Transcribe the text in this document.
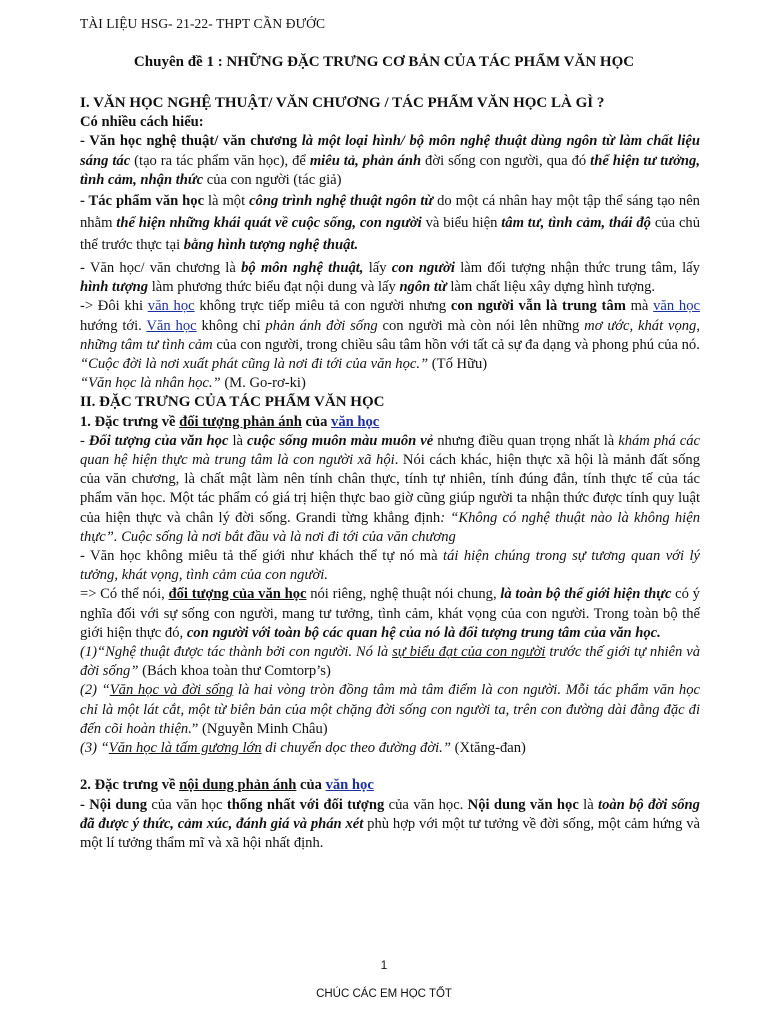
TÀI LIỆU HSG- 21-22- THPT CẦN ĐƯỚC
Chuyên đề 1 : NHỮNG ĐẶC TRƯNG CƠ BẢN CỦA TÁC PHẨM VĂN HỌC

I. VĂN HỌC NGHỆ THUẬT/ VĂN CHƯƠNG / TÁC PHẨM VĂN HỌC LÀ GÌ ?

Có nhiều cách hiểu:

- Văn học nghệ thuật/ văn chương là một loại hình/ bộ môn nghệ thuật dùng ngôn từ làm chất liệu sáng tác (tạo ra tác phẩm văn học), để miêu tả, phản ánh đời sống con người, qua đó thể hiện tư tưởng, tình cảm, nhận thức của con người (tác giả)

- Tác phẩm văn học là một công trình nghệ thuật ngôn từ do một cá nhân hay một tập thể sáng tạo nên nhằm thể hiện những khái quát về cuộc sống, con người và biểu hiện tâm tư, tình cảm, thái độ của chủ thể trước thực tại bằng hình tượng nghệ thuật.

- Văn học/ văn chương là bộ môn nghệ thuật, lấy con người làm đối tượng nhận thức trung tâm, lấy hình tượng làm phương thức biểu đạt nội dung và lấy ngôn từ làm chất liệu xây dựng hình tượng.

-> Đôi khi văn học không trực tiếp miêu tả con người nhưng con người vẫn là trung tâm mà văn học hướng tới. Văn học không chỉ phản ánh đời sống con người mà còn nói lên những mơ ước, khát vọng, những tâm tư tình cảm của con người, trong chiều sâu tâm hồn với tất cả sự đa dạng và phong phú của nó.

“Cuộc đời là nơi xuất phát cũng là nơi đi tới của văn học.” (Tố Hữu)

“Văn học là nhân học.” (M. Go-rơ-ki)

II. ĐẶC TRƯNG CỦA TÁC PHẨM VĂN HỌC

1. Đặc trưng về đối tượng phản ánh của văn học

- Đối tượng của văn học là cuộc sống muôn màu muôn vẻ nhưng điều quan trọng nhất là khám phá các quan hệ hiện thực mà trung tâm là con người xã hội. Nói cách khác, hiện thực xã hội là mảnh đất sống của văn chương, là chất mật làm nên tính chân thực, tính tự nhiên, tính đúng đắn, tính thực tế của tác phẩm văn học. Một tác phẩm có giá trị hiện thực bao giờ cũng giúp người ta nhận thức được tính quy luật của hiện thực và chân lý đời sống. Grandi từng khẳng định: “Không có nghệ thuật nào là không hiện thực”. Cuộc sống là nơi bắt đầu và là nơi đi tới của văn chương

- Văn học không miêu tả thế giới như khách thể tự nó mà tái hiện chúng trong sự tương quan với lý tưởng, khát vọng, tình cảm của con người.

=> Có thể nói, đối tượng của văn học nói riêng, nghệ thuật nói chung, là toàn bộ thế giới hiện thực có ý nghĩa đối với sự sống con người, mang tư tưởng, tình cảm, khát vọng của con người. Trong toàn bộ thế giới hiện thực đó, con người với toàn bộ các quan hệ của nó là đối tượng trung tâm của văn học.

(1)“Nghệ thuật được tác thành bởi con người. Nó là sự biểu đạt của con người trước thế giới tự nhiên và đời sống” (Bách khoa toàn thư Comtorp’s)

(2) “Văn học và đời sống là hai vòng tròn đồng tâm mà tâm điểm là con người. Mỗi tác phẩm văn học chỉ là một lát cắt, một từ biên bản của một chặng đời sống con người ta, trên con đường dài đằng đặc đi đến cõi hoàn thiện.” (Nguyễn Minh Châu)

(3) “Văn học là tấm gương lớn di chuyển dọc theo đường đời.” (Xtăng-đan)

2. Đặc trưng về nội dung phản ánh của văn học

- Nội dung của văn học thống nhất với đối tượng của văn học. Nội dung văn học là toàn bộ đời sống đã được ý thức, cảm xúc, đánh giá và phán xét phù hợp với một tư tưởng về đời sống, một cảm hứng và một lí tưởng thẩm mĩ và xã hội nhất định.

1
CHÚC CÁC EM HỌC TỐT
